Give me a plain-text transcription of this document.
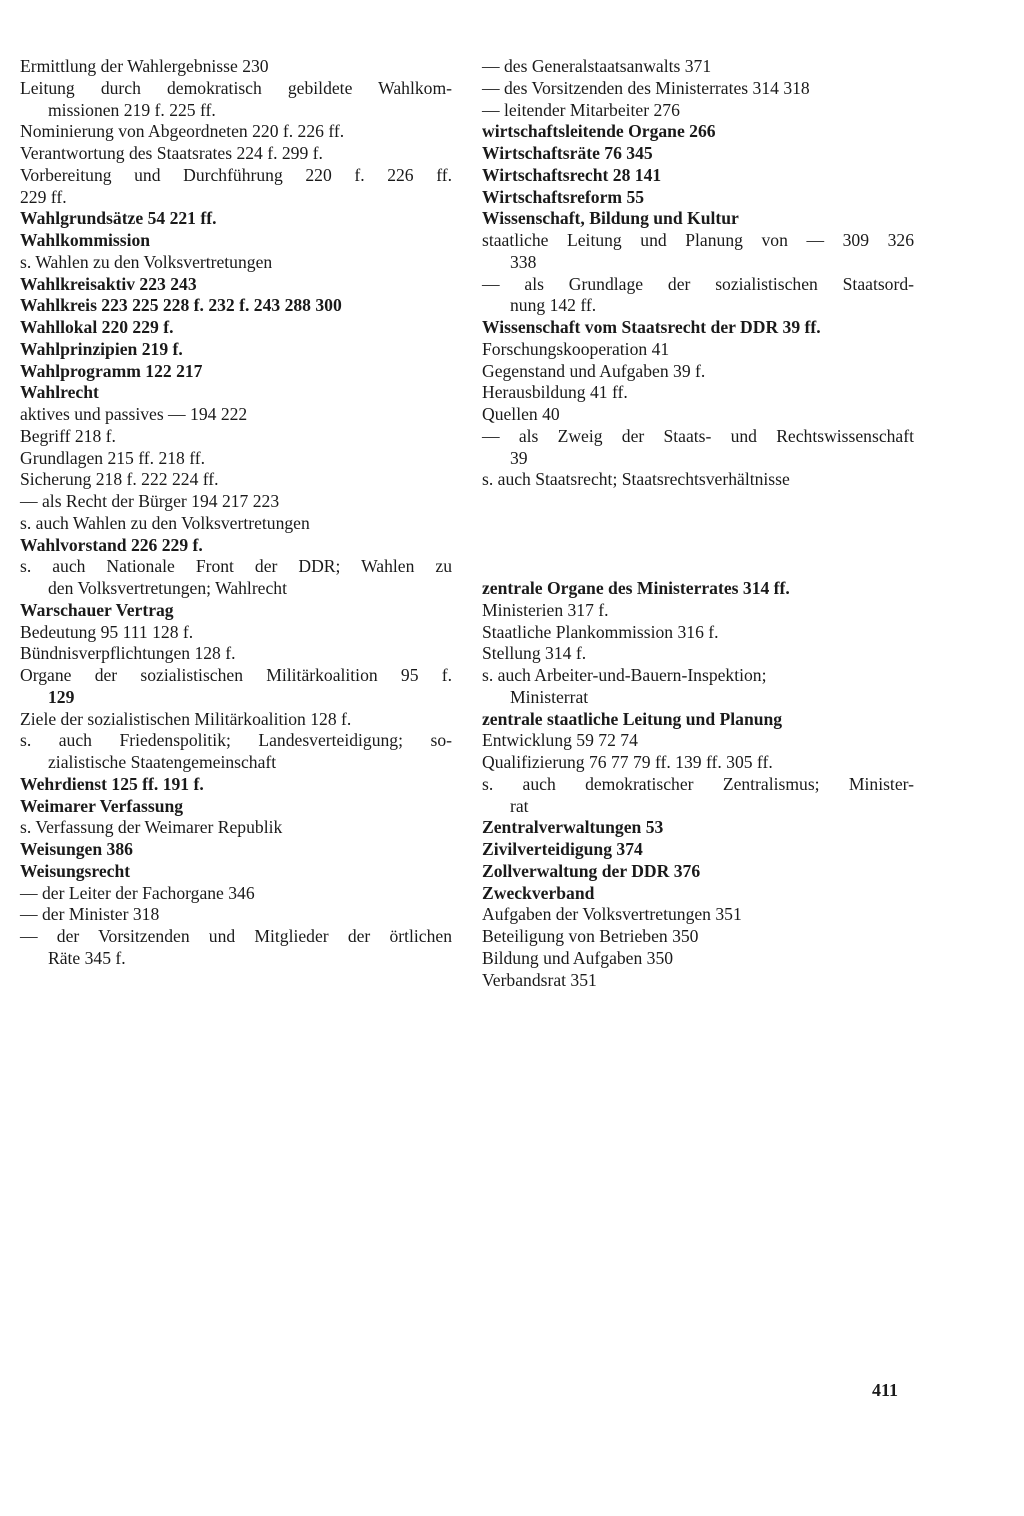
Ermittlung der Wahlergebnisse 230
Leitung durch demokratisch gebildete Wahlkom-
missionen 219 f. 225 ff.
Nominierung von Abgeordneten 220 f. 226 ff.
Verantwortung des Staatsrates 224 f. 299 f.
Vorbereitung und Durchführung 220 f. 226 ff.
229 ff.
Wahlgrundsätze 54 221 ff.
Wahlkommission
s. Wahlen zu den Volksvertretungen
Wahlkreisaktiv 223 243
Wahlkreis 223 225 228 f. 232 f. 243 288 300
Wahllokal 220 229 f.
Wahlprinzipien 219 f.
Wahlprogramm 122 217
Wahlrecht
aktives und passives — 194 222
Begriff 218 f.
Grundlagen 215 ff. 218 ff.
Sicherung 218 f. 222 224 ff.
— als Recht der Bürger 194 217 223
s. auch Wahlen zu den Volksvertretungen
Wahlvorstand 226 229 f.
s. auch Nationale Front der DDR; Wahlen zu
den Volksvertretungen; Wahlrecht
Warschauer Vertrag
Bedeutung 95 111 128 f.
Bündnisverpflichtungen 128 f.
Organe der sozialistischen Militärkoalition 95 f.
129
Ziele der sozialistischen Militärkoalition 128 f.
s. auch Friedenspolitik; Landesverteidigung; so-
zialistische Staatengemeinschaft
Wehrdienst 125 ff. 191 f.
Weimarer Verfassung
s. Verfassung der Weimarer Republik
Weisungen 386
Weisungsrecht
— der Leiter der Fachorgane 346
— der Minister 318
— der Vorsitzenden und Mitglieder der örtlichen
Räte 345 f.
— des Generalstaatsanwalts 371
— des Vorsitzenden des Ministerrates 314 318
— leitender Mitarbeiter 276
wirtschaftsleitende Organe 266
Wirtschaftsräte 76 345
Wirtschaftsrecht 28 141
Wirtschaftsreform 55
Wissenschaft, Bildung und Kultur
staatliche Leitung und Planung von — 309 326
338
— als Grundlage der sozialistischen Staatsord-
nung 142 ff.
Wissenschaft vom Staatsrecht der DDR 39 ff.
Forschungskooperation 41
Gegenstand und Aufgaben 39 f.
Herausbildung 41 ff.
Quellen 40
— als Zweig der Staats- und Rechtswissenschaft
39
s. auch Staatsrecht; Staatsrechtsverhältnisse
zentrale Organe des Ministerrates 314 ff.
Ministerien 317 f.
Staatliche Plankommission 316 f.
Stellung 314 f.
s. auch Arbeiter-und-Bauern-Inspektion;
Ministerrat
zentrale staatliche Leitung und Planung
Entwicklung 59 72 74
Qualifizierung 76 77 79 ff. 139 ff. 305 ff.
s. auch demokratischer Zentralismus; Minister-
rat
Zentralverwaltungen 53
Zivilverteidigung 374
Zollverwaltung der DDR 376
Zweckverband
Aufgaben der Volksvertretungen 351
Beteiligung von Betrieben 350
Bildung und Aufgaben 350
Verbandsrat 351
411
